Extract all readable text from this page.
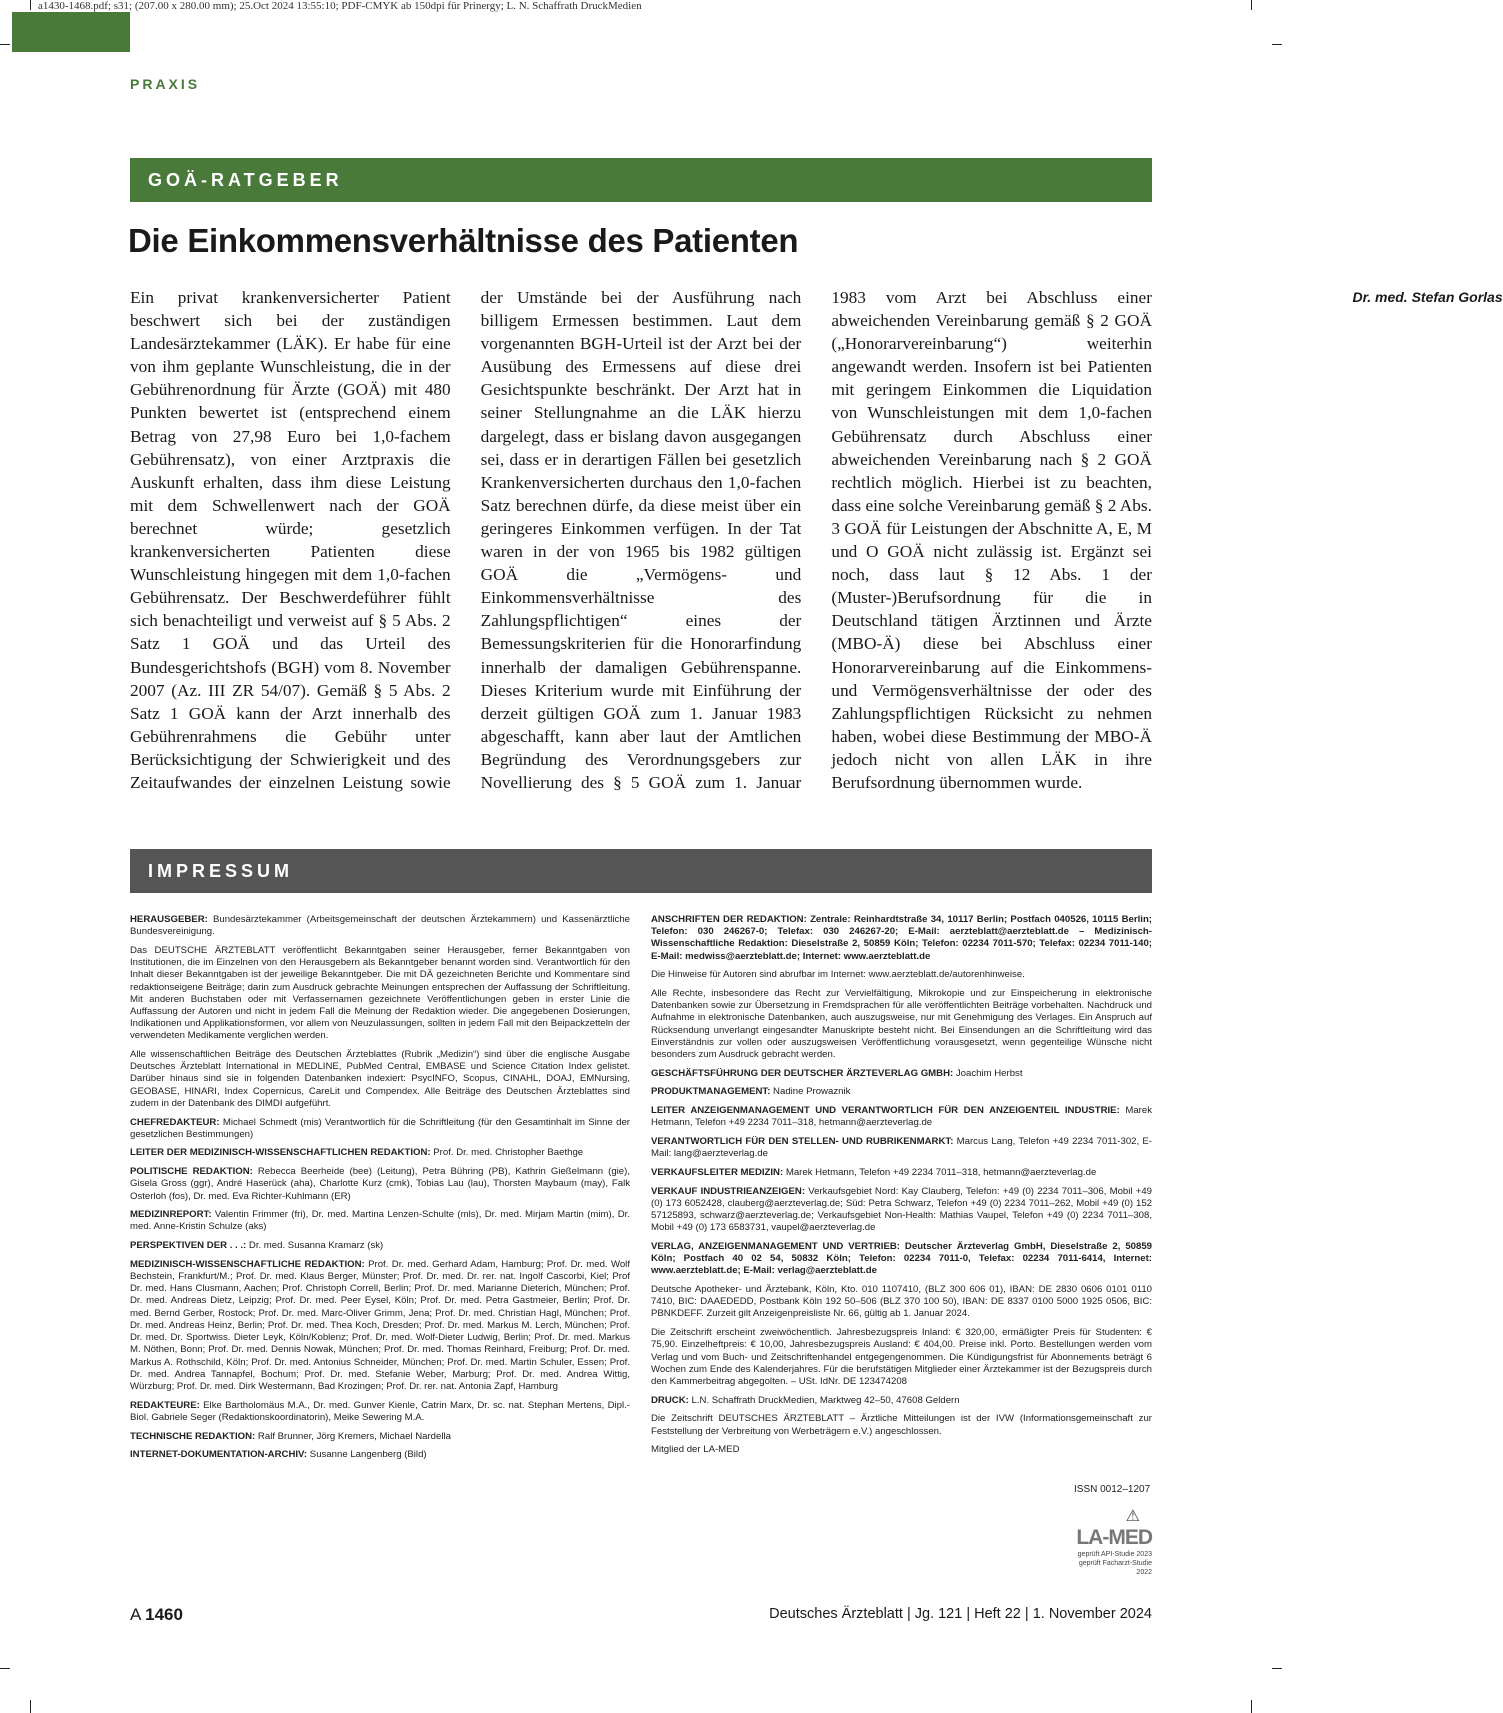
a1430-1468.pdf; s31; (207.00 x 280.00 mm); 25.Oct 2024 13:55:10; PDF-CMYK ab 150dpi für Prinergy; L. N. Schaffrath DruckMedien
PRAXIS
GOÄ-RATGEBER
Die Einkommensverhältnisse des Patienten

Ein privat krankenversicherter Patient beschwert sich bei der zuständigen Landesärztekammer (LÄK). Er habe für eine von ihm geplante Wunschleistung, die in der Gebührenordnung für Ärzte (GOÄ) mit 480 Punkten bewertet ist (entsprechend einem Betrag von 27,98 Euro bei 1,0-fachem Gebührensatz), von einer Arztpraxis die Auskunft erhalten, dass ihm diese Leistung mit dem Schwellenwert nach der GOÄ berechnet würde; gesetzlich krankenversicherten Patienten diese Wunschleistung hingegen mit dem 1,0-fachen Gebührensatz. Der Beschwerdeführer fühlt sich benachteiligt und verweist auf § 5 Abs. 2 Satz 1 GOÄ und das Urteil des Bundesgerichtshofs (BGH) vom 8. November 2007 (Az. III ZR 54/07). Gemäß § 5 Abs. 2 Satz 1 GOÄ kann der Arzt innerhalb des Gebührenrahmens die Gebühr unter Berücksichtigung der Schwierigkeit und des Zeitaufwandes der einzelnen Leistung sowie der Umstände bei der Ausführung nach billigem Ermessen bestimmen. Laut dem vorgenannten BGH-Urteil ist der Arzt bei der Ausübung des Ermessens auf diese drei Gesichtspunkte beschränkt. Der Arzt hat in seiner Stellungnahme an die LÄK hierzu dargelegt, dass er bislang davon ausgegangen sei, dass er in derartigen Fällen bei gesetzlich Krankenversicherten durchaus den 1,0-fachen Satz berechnen dürfe, da diese meist über ein geringeres Einkommen verfügen. In der Tat waren in der von 1965 bis 1982 gültigen GOÄ die „Vermögens- und Einkommensverhältnisse des Zahlungspflichtigen“ eines der Bemessungskriterien für die Honorarfindung innerhalb der damaligen Gebührenspanne. Dieses Kriterium wurde mit Einführung der derzeit gültigen GOÄ zum 1. Januar 1983 abgeschafft, kann aber laut der Amtlichen Begründung des Verordnungsgebers zur Novellierung des § 5 GOÄ zum 1. Januar 1983 vom Arzt bei Abschluss einer abweichenden Vereinbarung gemäß § 2 GOÄ („Honorarvereinbarung“) weiterhin angewandt werden. Insofern ist bei Patienten mit geringem Einkommen die Liquidation von Wunschleistungen mit dem 1,0-fachen Gebührensatz durch Abschluss einer abweichenden Vereinbarung nach § 2 GOÄ rechtlich möglich. Hierbei ist zu beachten, dass eine solche Vereinbarung gemäß § 2 Abs. 3 GOÄ für Leistungen der Abschnitte A, E, M und O GOÄ nicht zulässig ist. Ergänzt sei noch, dass laut § 12 Abs. 1 der (Muster-)Berufsordnung für die in Deutschland tätigen Ärztinnen und Ärzte (MBO-Ä) diese bei Abschluss einer Honorarvereinbarung auf die Einkommens- und Vermögensverhältnisse der oder des Zahlungspflichtigen Rücksicht zu nehmen haben, wobei diese Bestimmung der MBO-Ä jedoch nicht von allen LÄK in ihre Berufsordnung übernommen wurde.
Dr. med. Stefan Gorlas

IMPRESSUM

HERAUSGEBER: Bundesärztekammer (Arbeitsgemeinschaft der deutschen Ärztekammern) und Kassenärztliche Bundesvereinigung.

Das DEUTSCHE ÄRZTEBLATT veröffentlicht Bekanntgaben seiner Herausgeber, ferner Bekanntgaben von Institutionen, die im Einzelnen von den Herausgebern als Bekanntgeber benannt worden sind. Verantwortlich für den Inhalt dieser Bekanntgaben ist der jeweilige Bekanntgeber. Die mit DÄ gezeichneten Berichte und Kommentare sind redaktionseigene Beiträge; darin zum Ausdruck gebrachte Meinungen entsprechen der Auffassung der Schriftleitung. Mit anderen Buchstaben oder mit Verfassernamen gezeichnete Veröffentlichungen geben in erster Linie die Auffassung der Autoren und nicht in jedem Fall die Meinung der Redaktion wieder. Die angegebenen Dosierungen, Indikationen und Applikationsformen, vor allem von Neuzulassungen, sollten in jedem Fall mit den Beipackzetteln der verwendeten Medikamente verglichen werden.

Alle wissenschaftlichen Beiträge des Deutschen Ärzteblattes (Rubrik „Medizin“) sind über die englische Ausgabe Deutsches Ärzteblatt International in MEDLINE, PubMed Central, EMBASE und Science Citation Index gelistet. Darüber hinaus sind sie in folgenden Datenbanken indexiert: PsycINFO, Scopus, CINAHL, DOAJ, EMNursing, GEOBASE, HINARI, Index Copernicus, CareLit und Compendex. Alle Beiträge des Deutschen Ärzteblattes sind zudem in der Datenbank des DIMDI aufgeführt.

CHEFREDAKTEUR: Michael Schmedt (mis) Verantwortlich für die Schriftleitung (für den Gesamtinhalt im Sinne der gesetzlichen Bestimmungen)

LEITER DER MEDIZINISCH-WISSENSCHAFTLICHEN REDAKTION: Prof. Dr. med. Christopher Baethge

POLITISCHE REDAKTION: Rebecca Beerheide (bee) (Leitung), Petra Bühring (PB), Kathrin Gießelmann (gie), Gisela Gross (ggr), André Haserück (aha), Charlotte Kurz (cmk), Tobias Lau (lau), Thorsten Maybaum (may), Falk Osterloh (fos), Dr. med. Eva Richter-Kuhlmann (ER)

MEDIZINREPORT: Valentin Frimmer (fri), Dr. med. Martina Lenzen-Schulte (mls), Dr. med. Mirjam Martin (mim), Dr. med. Anne-Kristin Schulze (aks)

PERSPEKTIVEN DER . . .: Dr. med. Susanna Kramarz (sk)

MEDIZINISCH-WISSENSCHAFTLICHE REDAKTION: Prof. Dr. med. Gerhard Adam, Hamburg; Prof. Dr. med. Wolf Bechstein, Frankfurt/M.; Prof. Dr. med. Klaus Berger, Münster; Prof. Dr. med. Dr. rer. nat. Ingolf Cascorbi, Kiel; Prof Dr. med. Hans Clusmann, Aachen; Prof. Christoph Correll, Berlin; Prof. Dr. med. Marianne Dieterich, München; Prof. Dr. med. Andreas Dietz, Leipzig; Prof. Dr. med. Peer Eysel, Köln; Prof. Dr. med. Petra Gastmeier, Berlin; Prof. Dr. med. Bernd Gerber, Rostock; Prof. Dr. med. Marc-Oliver Grimm, Jena; Prof. Dr. med. Christian Hagl, München; Prof. Dr. med. Andreas Heinz, Berlin; Prof. Dr. med. Thea Koch, Dresden; Prof. Dr. med. Markus M. Lerch, München; Prof. Dr. med. Dr. Sportwiss. Dieter Leyk, Köln/Koblenz; Prof. Dr. med. Wolf-Dieter Ludwig, Berlin; Prof. Dr. med. Markus M. Nöthen, Bonn; Prof. Dr. med. Dennis Nowak, München; Prof. Dr. med. Thomas Reinhard, Freiburg; Prof. Dr. med. Markus A. Rothschild, Köln; Prof. Dr. med. Antonius Schneider, München; Prof. Dr. med. Martin Schuler, Essen; Prof. Dr. med. Andrea Tannapfel, Bochum; Prof. Dr. med. Stefanie Weber, Marburg; Prof. Dr. med. Andrea Wittig, Würzburg; Prof. Dr. med. Dirk Westermann, Bad Krozingen; Prof. Dr. rer. nat. Antonia Zapf, Hamburg

REDAKTEURE: Elke Bartholomäus M.A., Dr. med. Gunver Kienle, Catrin Marx, Dr. sc. nat. Stephan Mertens, Dipl.-Biol. Gabriele Seger (Redaktionskoordinatorin), Meike Sewering M.A.

TECHNISCHE REDAKTION: Ralf Brunner, Jörg Kremers, Michael Nardella

INTERNET-DOKUMENTATION-ARCHIV: Susanne Langenberg (Bild)

ANSCHRIFTEN DER REDAKTION: Zentrale: Reinhardtstraße 34, 10117 Berlin; Postfach 040526, 10115 Berlin; Telefon: 030 246267-0; Telefax: 030 246267-20; E-Mail: aerzteblatt@aerzteblatt.de – Medizinisch-Wissenschaftliche Redaktion: Dieselstraße 2, 50859 Köln; Telefon: 02234 7011-570; Telefax: 02234 7011-140; E-Mail: medwiss@aerzteblatt.de; Internet: www.aerzteblatt.de

Die Hinweise für Autoren sind abrufbar im Internet: www.aerzteblatt.de/autorenhinweise.

Alle Rechte, insbesondere das Recht zur Vervielfältigung, Mikrokopie und zur Einspeicherung in elektronische Datenbanken sowie zur Übersetzung in Fremdsprachen für alle veröffentlichten Beiträge vorbehalten. Nachdruck und Aufnahme in elektronische Datenbanken, auch auszugsweise, nur mit Genehmigung des Verlages. Ein Anspruch auf Rücksendung unverlangt eingesandter Manuskripte besteht nicht. Bei Einsendungen an die Schriftleitung wird das Einverständnis zur vollen oder auszugsweisen Veröffentlichung vorausgesetzt, wenn gegenteilige Wünsche nicht besonders zum Ausdruck gebracht werden.

GESCHÄFTSFÜHRUNG DER DEUTSCHER ÄRZTEVERLAG GMBH: Joachim Herbst

PRODUKTMANAGEMENT: Nadine Prowaznik

LEITER ANZEIGENMANAGEMENT UND VERANTWORTLICH FÜR DEN ANZEIGENTEIL INDUSTRIE: Marek Hetmann, Telefon +49 2234 7011–318, hetmann@aerzteverlag.de

VERANTWORTLICH FÜR DEN STELLEN- UND RUBRIKENMARKT: Marcus Lang, Telefon +49 2234 7011-302, E-Mail: lang@aerzteverlag.de

VERKAUFSLEITER MEDIZIN: Marek Hetmann, Telefon +49 2234 7011–318, hetmann@aerzteverlag.de

VERKAUF INDUSTRIEANZEIGEN: Verkaufsgebiet Nord: Kay Clauberg, Telefon: +49 (0) 2234 7011–306, Mobil +49 (0) 173 6052428, clauberg@aerzteverlag.de; Süd: Petra Schwarz, Telefon +49 (0) 2234 7011–262, Mobil +49 (0) 152 57125893, schwarz@aerzteverlag.de; Verkaufsgebiet Non-Health: Mathias Vaupel, Telefon +49 (0) 2234 7011–308, Mobil +49 (0) 173 6583731, vaupel@aerzteverlag.de

VERLAG, ANZEIGENMANAGEMENT UND VERTRIEB: Deutscher Ärzteverlag GmbH, Dieselstraße 2, 50859 Köln; Postfach 40 02 54, 50832 Köln; Telefon: 02234 7011-0, Telefax: 02234 7011-6414, Internet: www.aerzteblatt.de; E-Mail: verlag@aerzteblatt.de

Deutsche Apotheker- und Ärztebank, Köln, Kto. 010 1107410, (BLZ 300 606 01), IBAN: DE 2830 0606 0101 0110 7410, BIC: DAAEDEDD, Postbank Köln 192 50–506 (BLZ 370 100 50), IBAN: DE 8337 0100 5000 1925 0506, BIC: PBNKDEFF. Zurzeit gilt Anzeigenpreisliste Nr. 66, gültig ab 1. Januar 2024.

Die Zeitschrift erscheint zweiwöchentlich. Jahresbezugspreis Inland: € 320,00, ermäßigter Preis für Studenten: € 75,90. Einzelheftpreis: € 10,00, Jahresbezugspreis Ausland: € 404,00. Preise inkl. Porto. Bestellungen werden vom Verlag und vom Buch- und Zeitschriftenhandel entgegengenommen. Die Kündigungsfrist für Abonnements beträgt 6 Wochen zum Ende des Kalenderjahres. Für die berufstätigen Mitglieder einer Ärztekammer ist der Bezugspreis durch den Kammerbeitrag abgegolten. – USt. IdNr. DE 123474208

DRUCK: L.N. Schaffrath DruckMedien, Marktweg 42–50, 47608 Geldern

Die Zeitschrift DEUTSCHES ÄRZTEBLATT – Ärztliche Mitteilungen ist der IVW (Informationsgemeinschaft zur Feststellung der Verbreitung von Werbeträgern e.V.) angeschlossen.

Mitglied der LA-MED

ISSN 0012–1207
⚠
LA-MED
geprüft API-Studie 2023
geprüft Facharzt-Studie 2022
A 1460	Deutsches Ärzteblatt | Jg. 121 | Heft 22 | 1. November 2024
